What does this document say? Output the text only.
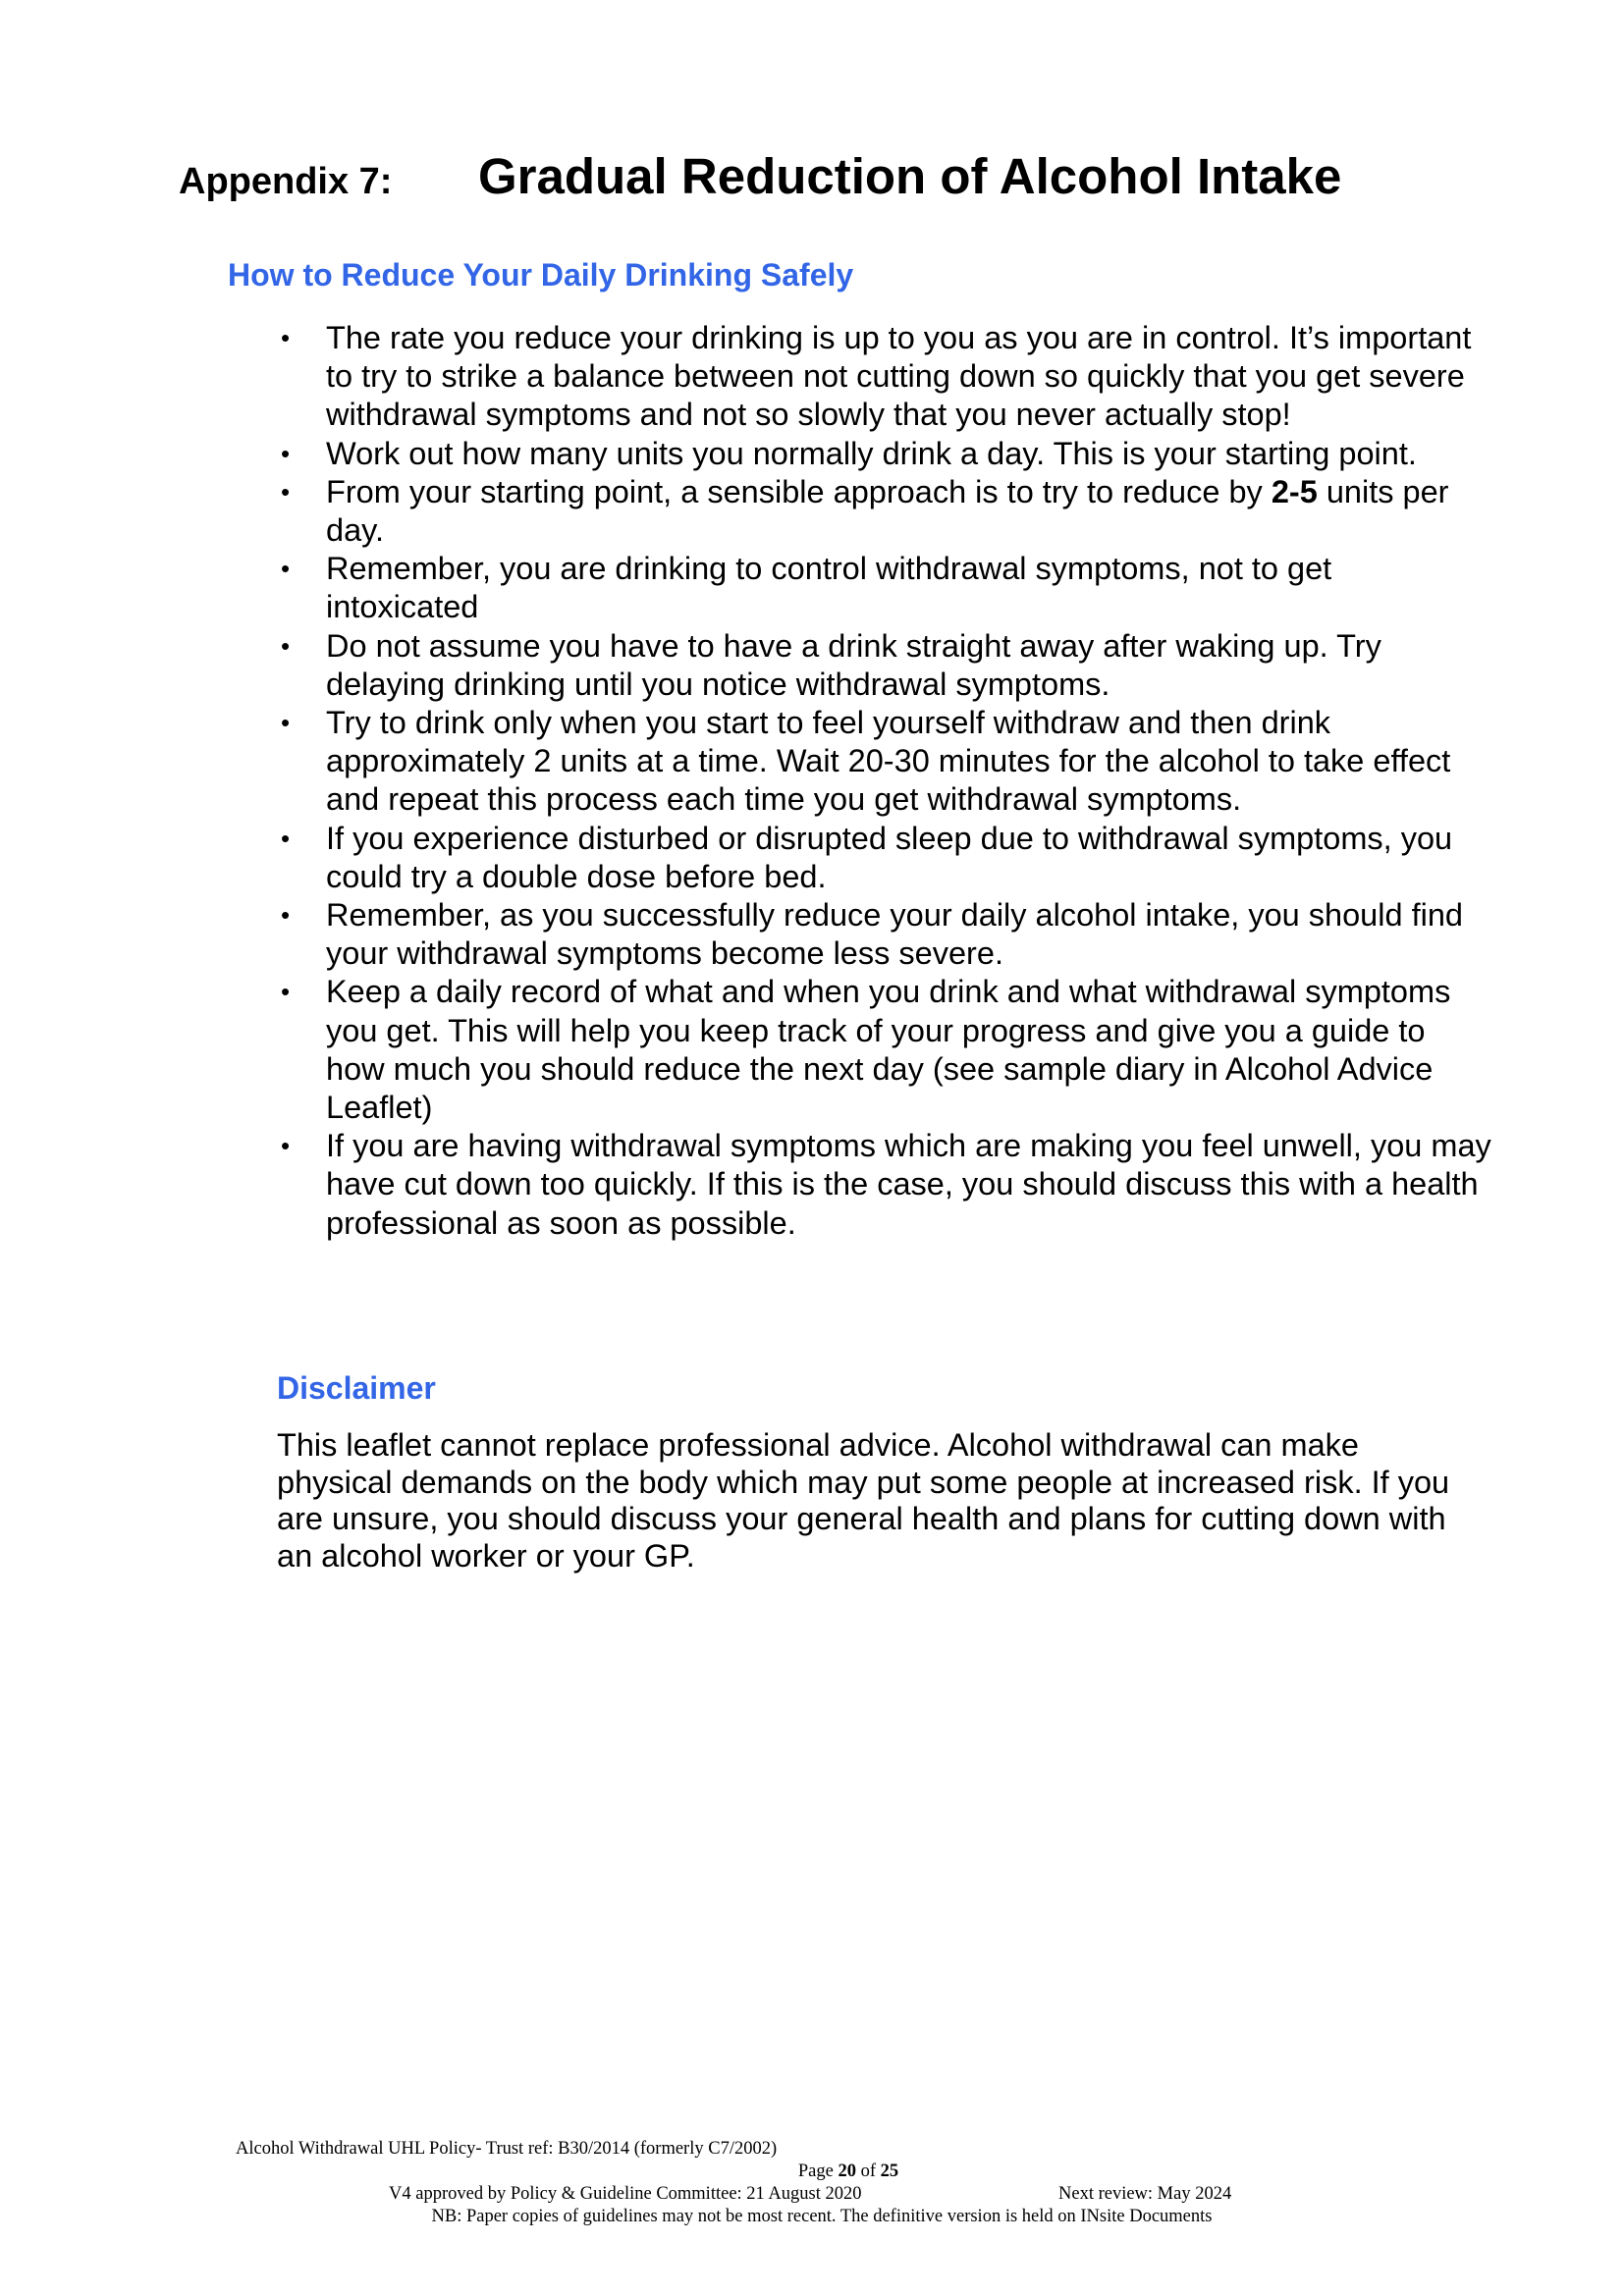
Appendix 7: Gradual Reduction of Alcohol Intake
How to Reduce Your Daily Drinking Safely
• The rate you reduce your drinking is up to you as you are in control. It’s important to try to strike a balance between not cutting down so quickly that you get severe withdrawal symptoms and not so slowly that you never actually stop!
• Work out how many units you normally drink a day. This is your starting point.
• From your starting point, a sensible approach is to try to reduce by 2-5 units per day.
• Remember, you are drinking to control withdrawal symptoms, not to get intoxicated
• Do not assume you have to have a drink straight away after waking up. Try delaying drinking until you notice withdrawal symptoms.
• Try to drink only when you start to feel yourself withdraw and then drink approximately 2 units at a time. Wait 20-30 minutes for the alcohol to take effect and repeat this process each time you get withdrawal symptoms.
• If you experience disturbed or disrupted sleep due to withdrawal symptoms, you could try a double dose before bed.
• Remember, as you successfully reduce your daily alcohol intake, you should find your withdrawal symptoms become less severe.
• Keep a daily record of what and when you drink and what withdrawal symptoms you get. This will help you keep track of your progress and give you a guide to how much you should reduce the next day (see sample diary in Alcohol Advice Leaflet)
• If you are having withdrawal symptoms which are making you feel unwell, you may have cut down too quickly. If this is the case, you should discuss this with a health professional as soon as possible.
Disclaimer

This leaflet cannot replace professional advice. Alcohol withdrawal can make physical demands on the body which may put some people at increased risk. If you are unsure, you should discuss your general health and plans for cutting down with an alcohol worker or your GP.

Alcohol Withdrawal UHL Policy- Trust ref: B30/2014 (formerly C7/2002)
Page 20 of 25
V4 approved by Policy & Guideline Committee: 21 August 2020	Next review: May 2024
NB: Paper copies of guidelines may not be most recent. The definitive version is held on INsite Documents
